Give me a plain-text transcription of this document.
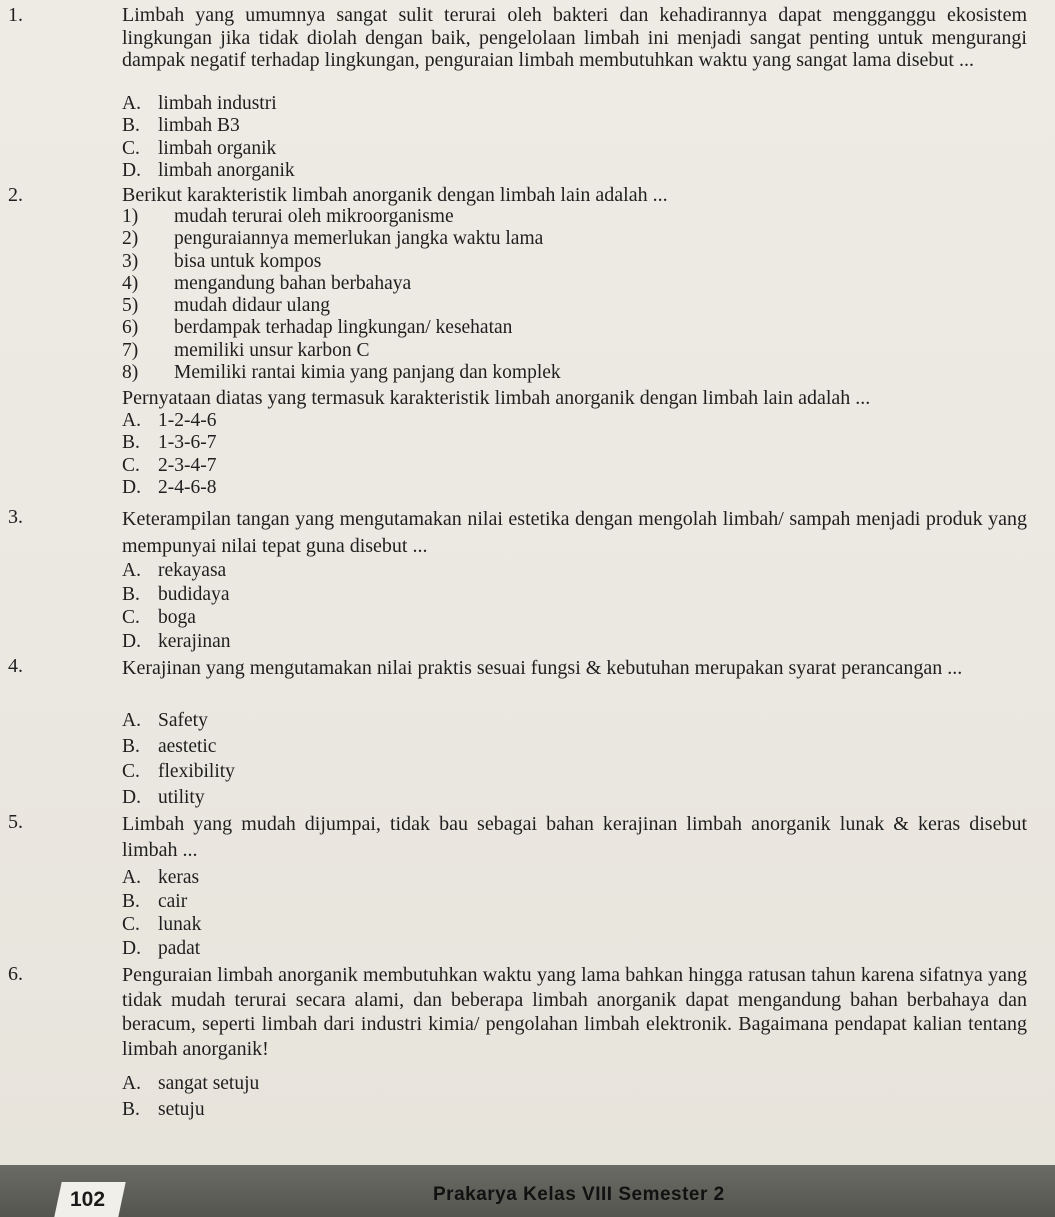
1.	Limbah yang umumnya sangat sulit terurai oleh bakteri dan kehadirannya dapat mengganggu ekosistem lingkungan jika tidak diolah dengan baik, pengelolaan limbah ini menjadi sangat penting untuk mengurangi dampak negatif terhadap lingkungan, penguraian limbah membutuhkan waktu yang sangat lama disebut ...
A. limbah industri
B. limbah B3
C. limbah organik
D. limbah anorganik
2.	Berikut karakteristik limbah anorganik dengan limbah lain adalah ...
1) mudah terurai oleh mikroorganisme
2) penguraiannya memerlukan jangka waktu lama
3) bisa untuk kompos
4) mengandung bahan berbahaya
5) mudah didaur ulang
6) berdampak terhadap lingkungan/ kesehatan
7) memiliki unsur karbon C
8) Memiliki rantai kimia yang panjang dan komplek
Pernyataan diatas yang termasuk karakteristik limbah anorganik dengan limbah lain adalah ...
A. 1-2-4-6
B. 1-3-6-7
C. 2-3-4-7
D. 2-4-6-8
3.	Keterampilan tangan yang mengutamakan nilai estetika dengan mengolah limbah/ sampah menjadi produk yang mempunyai nilai tepat guna disebut ...
A. rekayasa
B. budidaya
C. boga
D. kerajinan
4.	Kerajinan yang mengutamakan nilai praktis sesuai fungsi & kebutuhan merupakan syarat perancangan ...
A. Safety
B. aestetic
C. flexibility
D. utility
5.	Limbah yang mudah dijumpai, tidak bau sebagai bahan kerajinan limbah anorganik lunak & keras disebut limbah ...
A. keras
B. cair
C. lunak
D. padat
6.	Penguraian limbah anorganik membutuhkan waktu yang lama bahkan hingga ratusan tahun karena sifatnya yang tidak mudah terurai secara alami, dan beberapa limbah anorganik dapat mengandung bahan berbahaya dan beracum, seperti limbah dari industri kimia/ pengolahan limbah elektronik. Bagaimana pendapat kalian tentang limbah anorganik!
A. sangat setuju
B. setuju
102	Prakarya Kelas VIII Semester 2
